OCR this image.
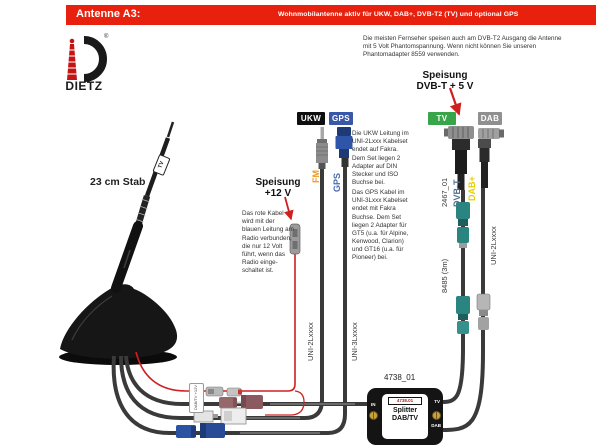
Antenne A3:	Wohnmobilantenne aktiv für UKW, DAB+, DVB-T2 (TV) und optional GPS
®
DIETZ
Die meisten Fernseher speisen auch am DVB-T2 Ausgang die Antenne mit 5 Volt Phantomspannung. Wenn nicht können Sie unseren Phantomadapter 8559 verwenden.
Die UKW Leitung im UNI-2Lxxx Kabelset endet auf Fakra. Dem Set liegen 2 Adapter auf DIN Stecker und ISO Buchse bei.
Das GPS Kabel im UNI-3Lxxx Kabelset endet mit Fakra Buchse. Dem Set liegen 2 Adapter für GT5 (u.a. für Alpine, Kenwood, Clarion) und GT16 (u.a. für Pioneer) bei.
Das rote Kabel wird mit der blauen Leitung am Radio verbunden, die nur 12 Volt führt, wenn das Radio eingeschaltet ist.
Speisung
DVB-T + 5 V
Speisung
+12 V
23 cm Stab
UKW	GPS	TV	DAB
FM GPS
UNI-2Lxxxx	UNI-3Lxxxx
2467_01 DVB-T
8485 (3m)
DAB+
UNI-2Lxxxx
TV
DAB/TV +12V
4738_01
4738.01
Splitter
DAB/TV
IN
TV
DAB
